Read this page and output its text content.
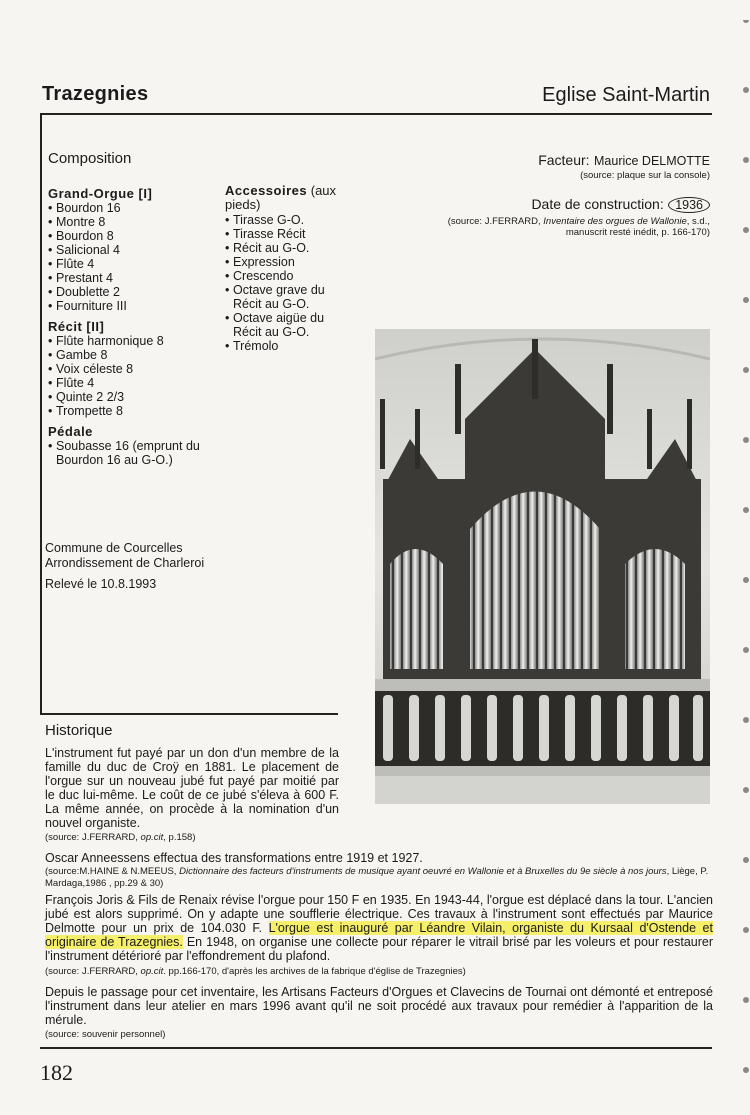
Trazegnies	Eglise Saint-Martin
Composition
Grand-Orgue [I]
• Bourdon 16
• Montre 8
• Bourdon 8
• Salicional 4
• Flûte 4
• Prestant 4
• Doublette 2
• Fourniture III
Récit [II]
• Flûte harmonique 8
• Gambe 8
• Voix céleste 8
• Flûte 4
• Quinte 2 2/3
• Trompette 8
Pédale
• Soubasse 16 (emprunt du Bourdon 16 au G-O.)
Accessoires (aux pieds)
• Tirasse G-O.
• Tirasse Récit
• Récit au G-O.
• Expression
• Crescendo
• Octave grave du Récit au G-O.
• Octave aigüe du Récit au G-O.
• Trémolo
Facteur: Maurice DELMOTTE
(source: plaque sur la console)
Date de construction: 1936
(source: J.FERRARD, Inventaire des orgues de Wallonie, s.d.,
manuscrit resté inédit, p. 166-170)
Commune de Courcelles
Arrondissement de Charleroi
Relevé le 10.8.1993
Historique
L'instrument fut payé par un don d'un membre de la famille du duc de Croÿ en 1881. Le placement de l'orgue sur un nouveau jubé fut payé par moitié par le duc lui-même. Le coût de ce jubé s'éleva à 600 F. La même année, on procède à la nomination d'un nouvel organiste.
(source: J.FERRARD, op.cit, p.158)
Oscar Anneessens effectua des transformations entre 1919 et 1927.
(source:M.HAINE & N.MEEUS, Dictionnaire des facteurs d'instruments de musique ayant oeuvré en Wallonie et à Bruxelles du 9e siècle à nos jours, Liège, P. Mardaga,1986 , pp.29 & 30)
François Joris & Fils de Renaix révise l'orgue pour 150 F en 1935. En 1943-44, l'orgue est déplacé dans la tour. L'ancien jubé est alors supprimé. On y adapte une soufflerie électrique. Ces travaux à l'instrument sont effectués par Maurice Delmotte pour un prix de 104.030 F. L'orgue est inauguré par Léandre Vilain, organiste du Kursaal d'Ostende et originaire de Trazegnies. En 1948, on organise une collecte pour réparer le vitrail brisé par les voleurs et pour restaurer l'instrument détérioré par l'effondrement du plafond.
(source: J.FERRARD, op.cit. pp.166-170, d'après les archives de la fabrique d'église de Trazegnies)
Depuis le passage pour cet inventaire, les Artisans Facteurs d'Orgues et Clavecins de Tournai ont démonté et entreposé l'instrument dans leur atelier en mars 1996 avant qu'il ne soit procédé aux travaux pour remédier à l'apparition de la mérule.
(source: souvenir personnel)
182
